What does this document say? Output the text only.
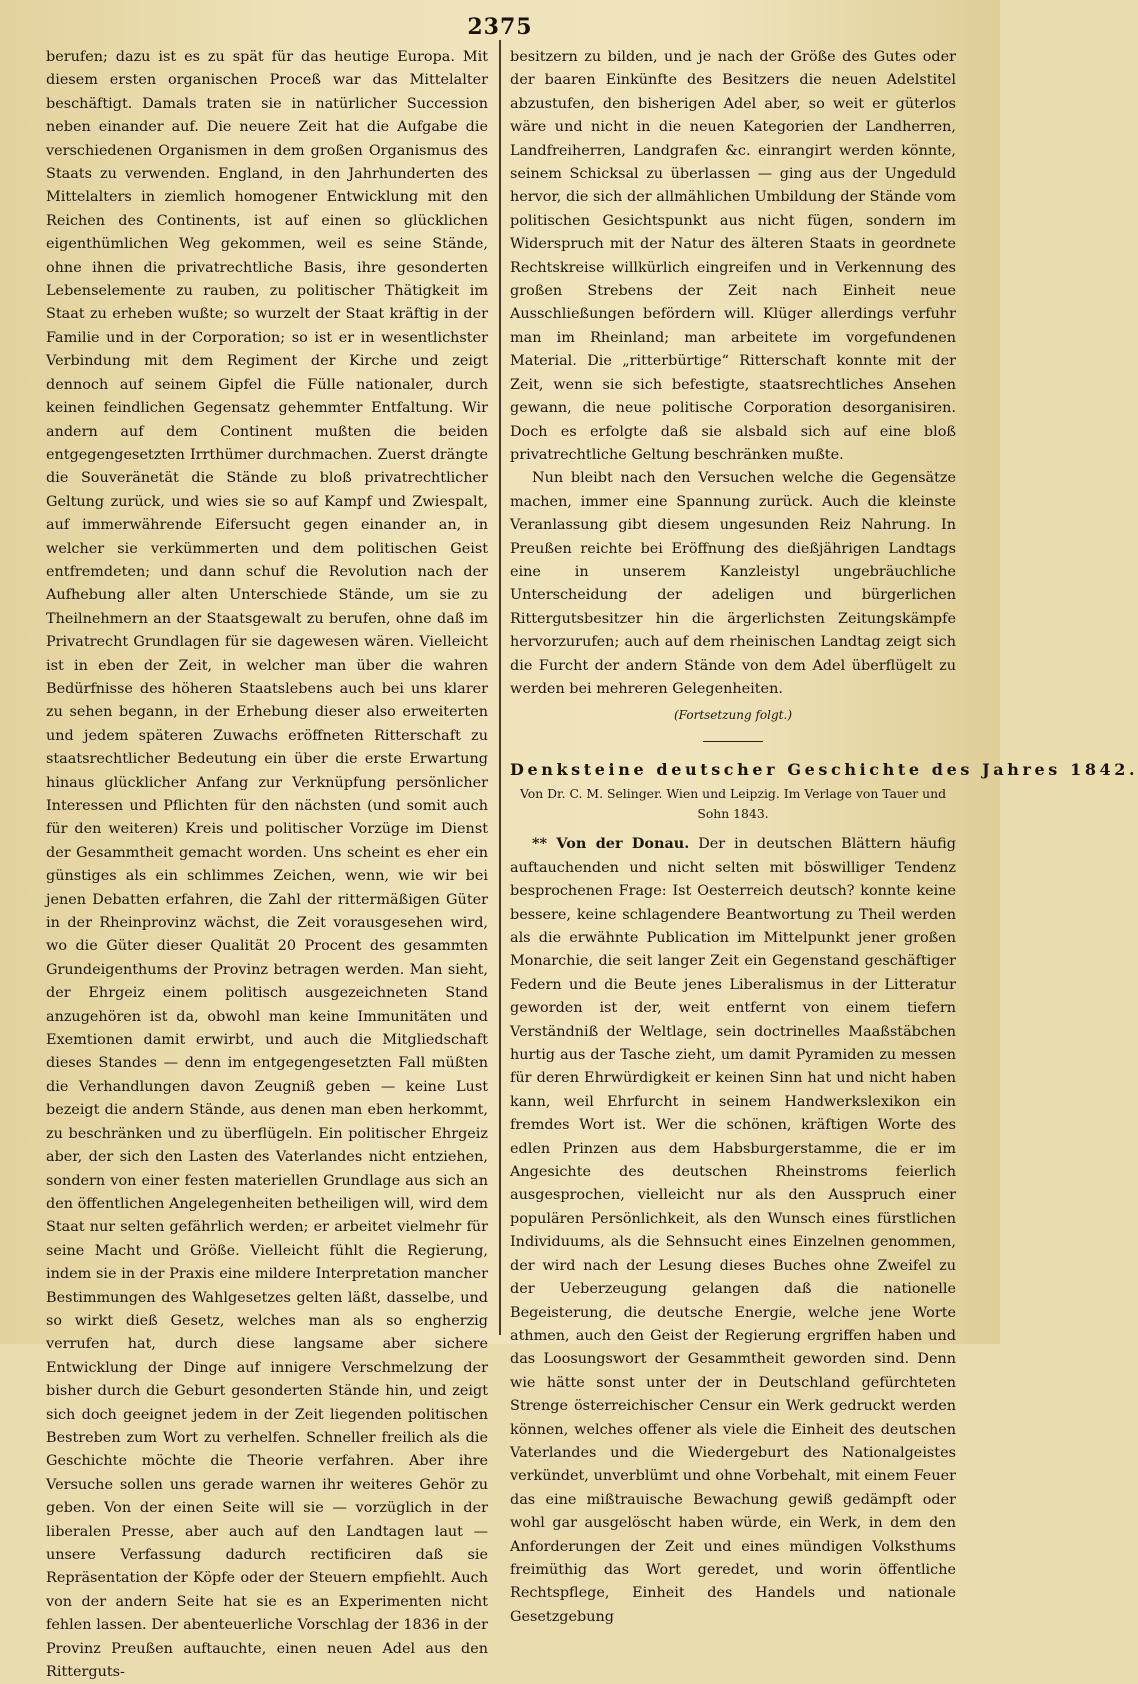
2375

berufen; dazu ist es zu spät für das heutige Europa. Mit diesem ersten organischen Proceß war das Mittelalter beschäftigt. Damals traten sie in natürlicher Succession neben einander auf. Die neuere Zeit hat die Aufgabe die verschiedenen Organismen in dem großen Organismus des Staats zu verwenden. England, in den Jahrhunderten des Mittelalters in ziemlich homogener Entwicklung mit den Reichen des Continents, ist auf einen so glücklichen eigenthümlichen Weg gekommen, weil es seine Stände, ohne ihnen die privatrechtliche Basis, ihre gesonderten Lebenselemente zu rauben, zu politischer Thätigkeit im Staat zu erheben wußte; so wurzelt der Staat kräftig in der Familie und in der Corporation; so ist er in wesentlichster Verbindung mit dem Regiment der Kirche und zeigt dennoch auf seinem Gipfel die Fülle nationaler, durch keinen feindlichen Gegensatz gehemmter Entfaltung. Wir andern auf dem Continent mußten die beiden entgegengesetzten Irrthümer durchmachen. Zuerst drängte die Souveränetät die Stände zu bloß privatrechtlicher Geltung zurück, und wies sie so auf Kampf und Zwiespalt, auf immerwährende Eifersucht gegen einander an, in welcher sie verkümmerten und dem politischen Geist entfremdeten; und dann schuf die Revolution nach der Aufhebung aller alten Unterschiede Stände, um sie zu Theilnehmern an der Staatsgewalt zu berufen, ohne daß im Privatrecht Grundlagen für sie dagewesen wären. Vielleicht ist in eben der Zeit, in welcher man über die wahren Bedürfnisse des höheren Staatslebens auch bei uns klarer zu sehen begann, in der Erhebung dieser also erweiterten und jedem späteren Zuwachs eröffneten Ritterschaft zu staatsrechtlicher Bedeutung ein über die erste Erwartung hinaus glücklicher Anfang zur Verknüpfung persönlicher Interessen und Pflichten für den nächsten (und somit auch für den weiteren) Kreis und politischer Vorzüge im Dienst der Gesammtheit gemacht worden. Uns scheint es eher ein günstiges als ein schlimmes Zeichen, wenn, wie wir bei jenen Debatten erfahren, die Zahl der rittermäßigen Güter in der Rheinprovinz wächst, die Zeit vorausgesehen wird, wo die Güter dieser Qualität 20 Procent des gesammten Grundeigenthums der Provinz betragen werden. Man sieht, der Ehrgeiz einem politisch ausgezeichneten Stand anzugehören ist da, obwohl man keine Immunitäten und Exemtionen damit erwirbt, und auch die Mitgliedschaft dieses Standes — denn im entgegengesetzten Fall müßten die Verhandlungen davon Zeugniß geben — keine Lust bezeigt die andern Stände, aus denen man eben herkommt, zu beschränken und zu überflügeln. Ein politischer Ehrgeiz aber, der sich den Lasten des Vaterlandes nicht entziehen, sondern von einer festen materiellen Grundlage aus sich an den öffentlichen Angelegenheiten betheiligen will, wird dem Staat nur selten gefährlich werden; er arbeitet vielmehr für seine Macht und Größe. Vielleicht fühlt die Regierung, indem sie in der Praxis eine mildere Interpretation mancher Bestimmungen des Wahlgesetzes gelten läßt, dasselbe, und so wirkt dieß Gesetz, welches man als so engherzig verrufen hat, durch diese langsame aber sichere Entwicklung der Dinge auf innigere Verschmelzung der bisher durch die Geburt gesonderten Stände hin, und zeigt sich doch geeignet jedem in der Zeit liegenden politischen Bestreben zum Wort zu verhelfen. Schneller freilich als die Geschichte möchte die Theorie verfahren. Aber ihre Versuche sollen uns gerade warnen ihr weiteres Gehör zu geben. Von der einen Seite will sie — vorzüglich in der liberalen Presse, aber auch auf den Landtagen laut — unsere Verfassung dadurch rectificiren daß sie Repräsentation der Köpfe oder der Steuern empfiehlt. Auch von der andern Seite hat sie es an Experimenten nicht fehlen lassen. Der abenteuerliche Vorschlag der 1836 in der Provinz Preußen auftauchte, einen neuen Adel aus den Ritterguts-

besitzern zu bilden, und je nach der Größe des Gutes oder der baaren Einkünfte des Besitzers die neuen Adelstitel abzustufen, den bisherigen Adel aber, so weit er güterlos wäre und nicht in die neuen Kategorien der Landherren, Landfreiherren, Landgrafen &c. einrangirt werden könnte, seinem Schicksal zu überlassen — ging aus der Ungeduld hervor, die sich der allmählichen Umbildung der Stände vom politischen Gesichtspunkt aus nicht fügen, sondern im Widerspruch mit der Natur des älteren Staats in geordnete Rechtskreise willkürlich eingreifen und in Verkennung des großen Strebens der Zeit nach Einheit neue Ausschließungen befördern will. Klüger allerdings verfuhr man im Rheinland; man arbeitete im vorgefundenen Material. Die „ritterbürtige“ Ritterschaft konnte mit der Zeit, wenn sie sich befestigte, staatsrechtliches Ansehen gewann, die neue politische Corporation desorganisiren. Doch es erfolgte daß sie alsbald sich auf eine bloß privatrechtliche Geltung beschränken mußte.

Nun bleibt nach den Versuchen welche die Gegensätze machen, immer eine Spannung zurück. Auch die kleinste Veranlassung gibt diesem ungesunden Reiz Nahrung. In Preußen reichte bei Eröffnung des dießjährigen Landtags eine in unserem Kanzleistyl ungebräuchliche Unterscheidung der adeligen und bürgerlichen Rittergutsbesitzer hin die ärgerlichsten Zeitungskämpfe hervorzurufen; auch auf dem rheinischen Landtag zeigt sich die Furcht der andern Stände von dem Adel überflügelt zu werden bei mehreren Gelegenheiten.

(Fortsetzung folgt.)

Denksteine deutscher Geschichte des Jahres 1842.

Von Dr. C. M. Selinger. Wien und Leipzig. Im Verlage von Tauer und Sohn 1843.

** Von der Donau. Der in deutschen Blättern häufig auftauchenden und nicht selten mit böswilliger Tendenz besprochenen Frage: Ist Oesterreich deutsch? konnte keine bessere, keine schlagendere Beantwortung zu Theil werden als die erwähnte Publication im Mittelpunkt jener großen Monarchie, die seit langer Zeit ein Gegenstand geschäftiger Federn und die Beute jenes Liberalismus in der Litteratur geworden ist der, weit entfernt von einem tiefern Verständniß der Weltlage, sein doctrinelles Maaßstäbchen hurtig aus der Tasche zieht, um damit Pyramiden zu messen für deren Ehrwürdigkeit er keinen Sinn hat und nicht haben kann, weil Ehrfurcht in seinem Handwerkslexikon ein fremdes Wort ist. Wer die schönen, kräftigen Worte des edlen Prinzen aus dem Habsburgerstamme, die er im Angesichte des deutschen Rheinstroms feierlich ausgesprochen, vielleicht nur als den Ausspruch einer populären Persönlichkeit, als den Wunsch eines fürstlichen Individuums, als die Sehnsucht eines Einzelnen genommen, der wird nach der Lesung dieses Buches ohne Zweifel zu der Ueberzeugung gelangen daß die nationelle Begeisterung, die deutsche Energie, welche jene Worte athmen, auch den Geist der Regierung ergriffen haben und das Loosungswort der Gesammtheit geworden sind. Denn wie hätte sonst unter der in Deutschland gefürchteten Strenge österreichischer Censur ein Werk gedruckt werden können, welches offener als viele die Einheit des deutschen Vaterlandes und die Wiedergeburt des Nationalgeistes verkündet, unverblümt und ohne Vorbehalt, mit einem Feuer das eine mißtrauische Bewachung gewiß gedämpft oder wohl gar ausgelöscht haben würde, ein Werk, in dem den Anforderungen der Zeit und eines mündigen Volksthums freimüthig das Wort geredet, und worin öffentliche Rechtspflege, Einheit des Handels und nationale Gesetzgebung
